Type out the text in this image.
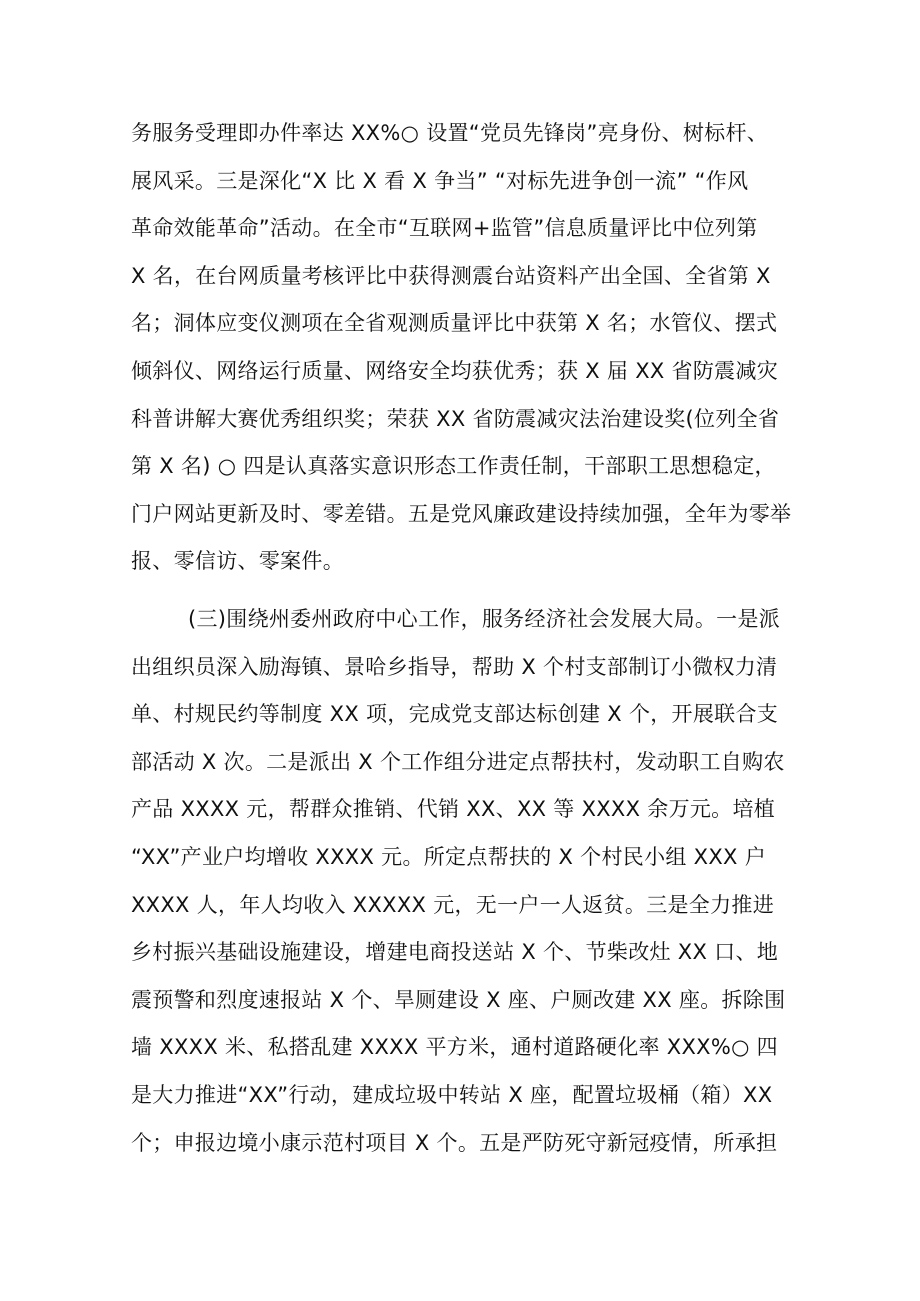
务服务受理即办件率达 XX%○ 设置“党员先锋岗”亮身份、树标杆、
展风采。三是深化“X 比 X 看 X 争当” “对标先进争创一流” “作风
革命效能革命”活动。在全市“互联网+监管”信息质量评比中位列第
X 名，在台网质量考核评比中获得测震台站资料产出全国、全省第 X
名；洞体应变仪测项在全省观测质量评比中获第 X 名；水管仪、摆式
倾斜仪、网络运行质量、网络安全均获优秀；获 X 届 XX 省防震减灾
科普讲解大赛优秀组织奖；荣获 XX 省防震减灾法治建设奖(位列全省
第 X 名) ○ 四是认真落实意识形态工作责任制，干部职工思想稳定，
门户网站更新及时、零差错。五是党风廉政建设持续加强，全年为零举
报、零信访、零案件。
(三)围绕州委州政府中心工作，服务经济社会发展大局。一是派
出组织员深入励海镇、景哈乡指导，帮助 X 个村支部制订小微权力清
单、村规民约等制度 XX 项，完成党支部达标创建 X 个，开展联合支
部活动 X 次。二是派出 X 个工作组分进定点帮扶村，发动职工自购农
产品 XXXX 元，帮群众推销、代销 XX、XX 等 XXXX 余万元。培植
“XX”产业户均增收 XXXX 元。所定点帮扶的 X 个村民小组 XXX 户
XXXX 人，年人均收入 XXXXX 元，无一户一人返贫。三是全力推进
乡村振兴基础设施建设，增建电商投送站 X 个、节柴改灶 XX 口、地
震预警和烈度速报站 X 个、旱厕建设 X 座、户厕改建 XX 座。拆除围
墙 XXXX 米、私搭乱建 XXXX 平方米，通村道路硬化率 XXX%○ 四
是大力推进“XX”行动，建成垃圾中转站 X 座，配置垃圾桶（箱）XX
个；申报边境小康示范村项目 X 个。五是严防死守新冠疫情，所承担
